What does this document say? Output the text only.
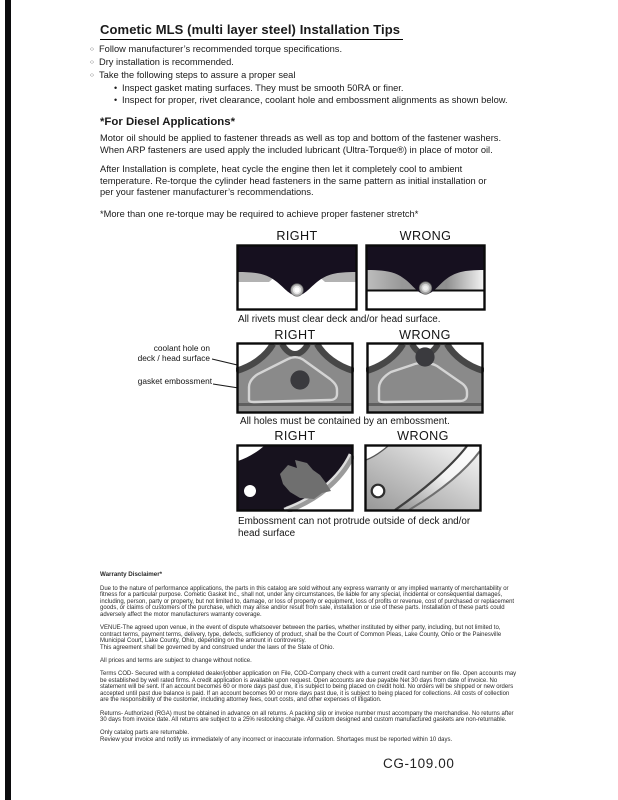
Cometic MLS (multi layer steel) Installation Tips
○ Follow manufacturer’s recommended torque specifications.
○ Dry installation is recommended.
○ Take the following steps to assure a proper seal
• Inspect gasket mating surfaces. They must be smooth 50RA or finer.
• Inspect for proper, rivet clearance, coolant hole and embossment alignments as shown below.
*For Diesel Applications*
Motor oil should be applied to fastener threads as well as top and bottom of the fastener washers. When ARP fasteners are used apply the included lubricant (Ultra-Torque®) in place of motor oil.
After Installation is complete, heat cycle the engine then let it completely cool to ambient temperature. Re-torque the cylinder head fasteners in the same pattern as initial installation or per your fastener manufacturer’s recommendations.
*More than one re-torque may be required to achieve proper fastener stretch*
RIGHT	WRONG
All rivets must clear deck and/or head surface.
RIGHT	WRONG
coolant hole on
deck / head surface
gasket embossment
All holes must be contained by an embossment.
RIGHT	WRONG
Embossment can not protrude outside of deck and/or head surface
Warranty Disclaimer*

Due to the nature of performance applications, the parts in this catalog are sold without any express warranty or any implied warranty of merchantability or fitness for a particular purpose. Cometic Gasket Inc., shall not, under any circumstances, be liable for any special, incidental or consequential damages, including, person, party or property, but not limited to, damage, or loss of property or equipment, loss of profits or revenue, cost of purchased or replacement goods, or claims of customers of the purchase, which may arise and/or result from sale, installation or use of these parts. Installation of these parts could adversely affect the motor manufacturers warranty coverage.

VENUE-The agreed upon venue, in the event of dispute whatsoever between the parties, whether instituted by either party, including, but not limited to, contract terms, payment terms, delivery, type, defects, sufficiency of product, shall be the Court of Common Pleas, Lake County, Ohio or the Painesville Municipal Court, Lake County, Ohio, depending on the amount in controversy.

This agreement shall be governed by and construed under the laws of the State of Ohio.

All prices and terms are subject to change without notice.

Terms COD- Secured with a completed dealer/jobber application on File, COD-Company check with a current credit card number on file. Open accounts may be established by well rated firms. A credit application is available upon request. Open accounts are due payable Net 30 days from date of invoice. No statement will be sent. If an account becomes 60 or more days past due, it is subject to being placed on credit hold. No orders will be shipped or new orders accepted until past due balance is paid. If an account becomes 90 or more days past due, it is subject to being placed for collections. All costs of collection are the responsibility of the customer, including attorney fees, court costs, and other expenses of litigation.

Returns- Authorized (RGA) must be obtained in advance on all returns. A packing slip or invoice number must accompany the merchandise. No returns after 30 days from invoice date. All returns are subject to a 25% restocking charge. All custom designed and custom manufactured gaskets are non-returnable.

Only catalog parts are returnable.

Review your invoice and notify us immediately of any incorrect or inaccurate information. Shortages must be reported within 10 days.

CG-109.00
